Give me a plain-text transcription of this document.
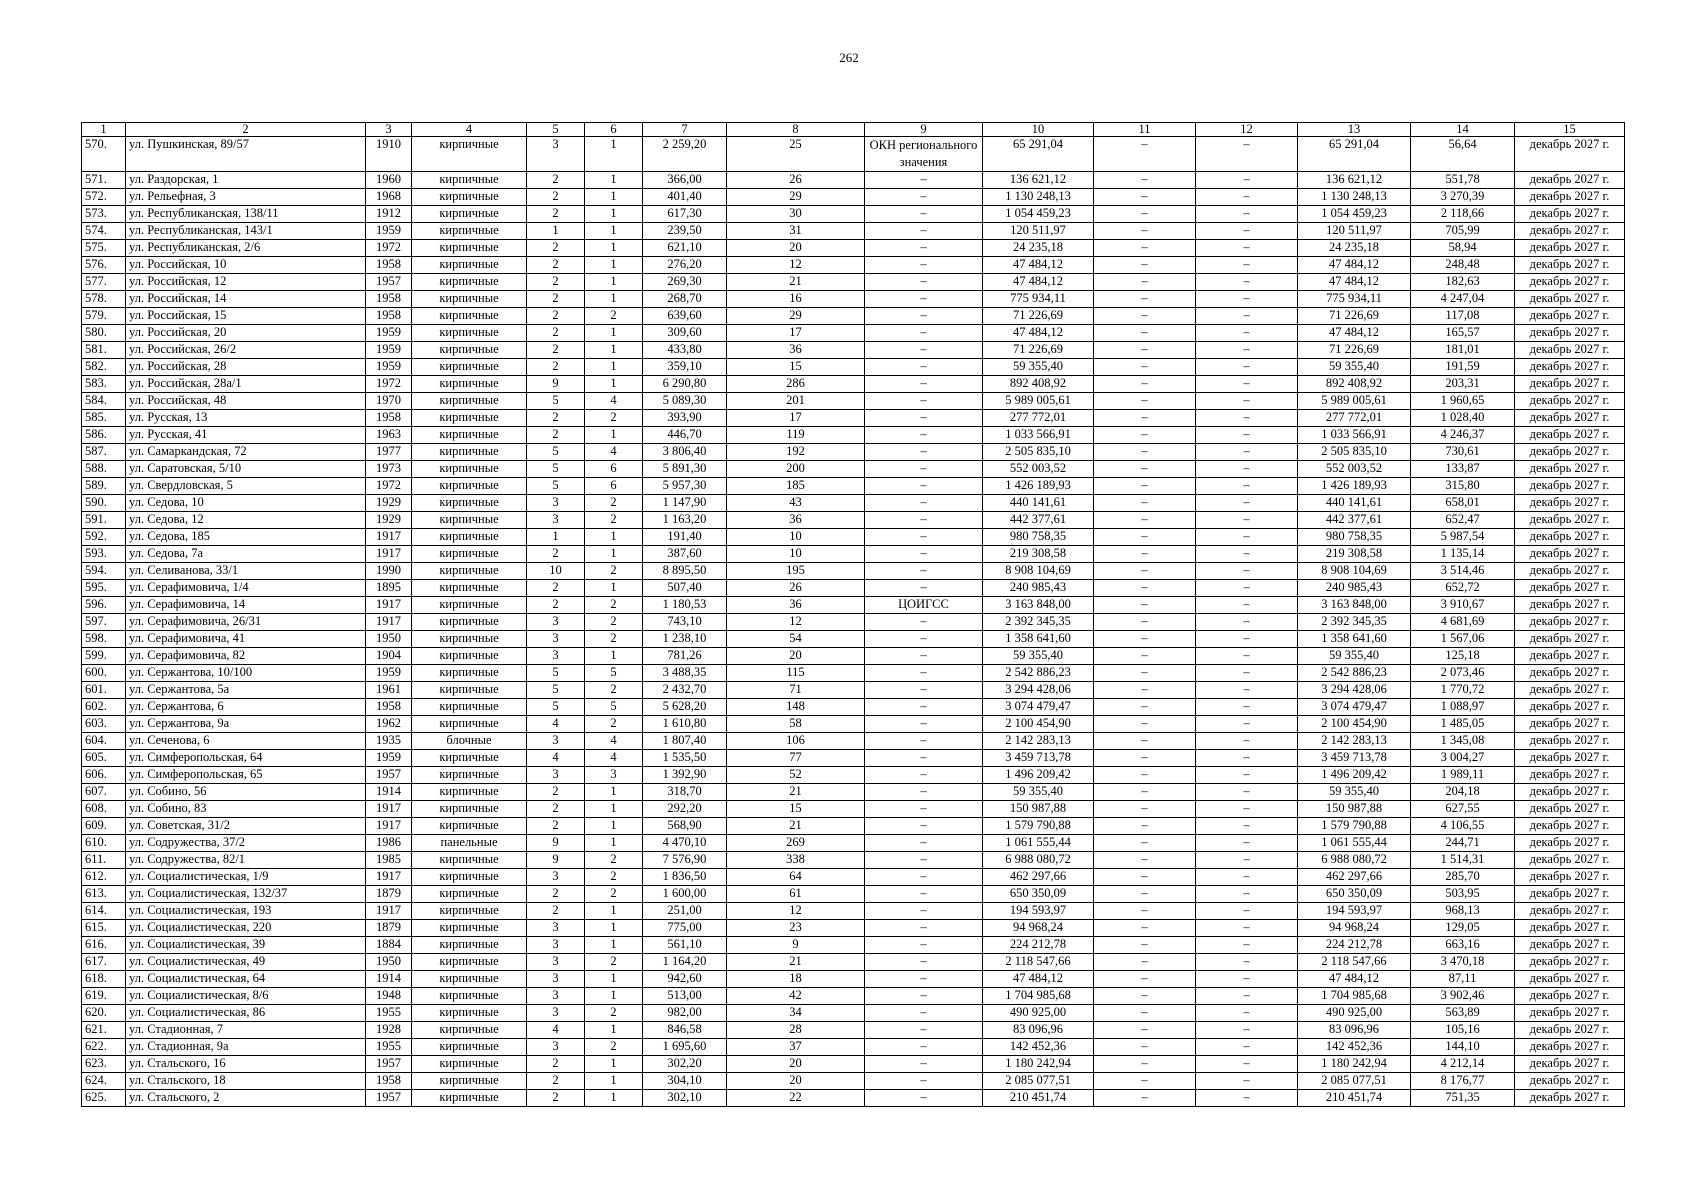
262
1	2	3	4	5	6	7	8	9	10	11	12	13	14	15
570.	ул. Пушкинская, 89/57	1910	кирпичные	3	1	2 259,20	25	ОКН регионального значения	65 291,04	–	–	65 291,04	56,64	декабрь 2027 г.
571.	ул. Раздорская, 1	1960	кирпичные	2	1	366,00	26	–	136 621,12	–	–	136 621,12	551,78	декабрь 2027 г.
572.	ул. Рельефная, 3	1968	кирпичные	2	1	401,40	29	–	1 130 248,13	–	–	1 130 248,13	3 270,39	декабрь 2027 г.
573.	ул. Республиканская, 138/11	1912	кирпичные	2	1	617,30	30	–	1 054 459,23	–	–	1 054 459,23	2 118,66	декабрь 2027 г.
574.	ул. Республиканская, 143/1	1959	кирпичные	1	1	239,50	31	–	120 511,97	–	–	120 511,97	705,99	декабрь 2027 г.
575.	ул. Республиканская, 2/6	1972	кирпичные	2	1	621,10	20	–	24 235,18	–	–	24 235,18	58,94	декабрь 2027 г.
576.	ул. Российская, 10	1958	кирпичные	2	1	276,20	12	–	47 484,12	–	–	47 484,12	248,48	декабрь 2027 г.
577.	ул. Российская, 12	1957	кирпичные	2	1	269,30	21	–	47 484,12	–	–	47 484,12	182,63	декабрь 2027 г.
578.	ул. Российская, 14	1958	кирпичные	2	1	268,70	16	–	775 934,11	–	–	775 934,11	4 247,04	декабрь 2027 г.
579.	ул. Российская, 15	1958	кирпичные	2	2	639,60	29	–	71 226,69	–	–	71 226,69	117,08	декабрь 2027 г.
580.	ул. Российская, 20	1959	кирпичные	2	1	309,60	17	–	47 484,12	–	–	47 484,12	165,57	декабрь 2027 г.
581.	ул. Российская, 26/2	1959	кирпичные	2	1	433,80	36	–	71 226,69	–	–	71 226,69	181,01	декабрь 2027 г.
582.	ул. Российская, 28	1959	кирпичные	2	1	359,10	15	–	59 355,40	–	–	59 355,40	191,59	декабрь 2027 г.
583.	ул. Российская, 28а/1	1972	кирпичные	9	1	6 290,80	286	–	892 408,92	–	–	892 408,92	203,31	декабрь 2027 г.
584.	ул. Российская, 48	1970	кирпичные	5	4	5 089,30	201	–	5 989 005,61	–	–	5 989 005,61	1 960,65	декабрь 2027 г.
585.	ул. Русская, 13	1958	кирпичные	2	2	393,90	17	–	277 772,01	–	–	277 772,01	1 028,40	декабрь 2027 г.
586.	ул. Русская, 41	1963	кирпичные	2	1	446,70	119	–	1 033 566,91	–	–	1 033 566,91	4 246,37	декабрь 2027 г.
587.	ул. Самаркандская, 72	1977	кирпичные	5	4	3 806,40	192	–	2 505 835,10	–	–	2 505 835,10	730,61	декабрь 2027 г.
588.	ул. Саратовская, 5/10	1973	кирпичные	5	6	5 891,30	200	–	552 003,52	–	–	552 003,52	133,87	декабрь 2027 г.
589.	ул. Свердловская, 5	1972	кирпичные	5	6	5 957,30	185	–	1 426 189,93	–	–	1 426 189,93	315,80	декабрь 2027 г.
590.	ул. Седова, 10	1929	кирпичные	3	2	1 147,90	43	–	440 141,61	–	–	440 141,61	658,01	декабрь 2027 г.
591.	ул. Седова, 12	1929	кирпичные	3	2	1 163,20	36	–	442 377,61	–	–	442 377,61	652,47	декабрь 2027 г.
592.	ул. Седова, 185	1917	кирпичные	1	1	191,40	10	–	980 758,35	–	–	980 758,35	5 987,54	декабрь 2027 г.
593.	ул. Седова, 7а	1917	кирпичные	2	1	387,60	10	–	219 308,58	–	–	219 308,58	1 135,14	декабрь 2027 г.
594.	ул. Селиванова, 33/1	1990	кирпичные	10	2	8 895,50	195	–	8 908 104,69	–	–	8 908 104,69	3 514,46	декабрь 2027 г.
595.	ул. Серафимовича, 1/4	1895	кирпичные	2	1	507,40	26	–	240 985,43	–	–	240 985,43	652,72	декабрь 2027 г.
596.	ул. Серафимовича, 14	1917	кирпичные	2	2	1 180,53	36	ЦОИГСС	3 163 848,00	–	–	3 163 848,00	3 910,67	декабрь 2027 г.
597.	ул. Серафимовича, 26/31	1917	кирпичные	3	2	743,10	12	–	2 392 345,35	–	–	2 392 345,35	4 681,69	декабрь 2027 г.
598.	ул. Серафимовича, 41	1950	кирпичные	3	2	1 238,10	54	–	1 358 641,60	–	–	1 358 641,60	1 567,06	декабрь 2027 г.
599.	ул. Серафимовича, 82	1904	кирпичные	3	1	781,26	20	–	59 355,40	–	–	59 355,40	125,18	декабрь 2027 г.
600.	ул. Сержантова, 10/100	1959	кирпичные	5	5	3 488,35	115	–	2 542 886,23	–	–	2 542 886,23	2 073,46	декабрь 2027 г.
601.	ул. Сержантова, 5а	1961	кирпичные	5	2	2 432,70	71	–	3 294 428,06	–	–	3 294 428,06	1 770,72	декабрь 2027 г.
602.	ул. Сержантова, 6	1958	кирпичные	5	5	5 628,20	148	–	3 074 479,47	–	–	3 074 479,47	1 088,97	декабрь 2027 г.
603.	ул. Сержантова, 9а	1962	кирпичные	4	2	1 610,80	58	–	2 100 454,90	–	–	2 100 454,90	1 485,05	декабрь 2027 г.
604.	ул. Сеченова, 6	1935	блочные	3	4	1 807,40	106	–	2 142 283,13	–	–	2 142 283,13	1 345,08	декабрь 2027 г.
605.	ул. Симферопольская, 64	1959	кирпичные	4	4	1 535,50	77	–	3 459 713,78	–	–	3 459 713,78	3 004,27	декабрь 2027 г.
606.	ул. Симферопольская, 65	1957	кирпичные	3	3	1 392,90	52	–	1 496 209,42	–	–	1 496 209,42	1 989,11	декабрь 2027 г.
607.	ул. Собино, 56	1914	кирпичные	2	1	318,70	21	–	59 355,40	–	–	59 355,40	204,18	декабрь 2027 г.
608.	ул. Собино, 83	1917	кирпичные	2	1	292,20	15	–	150 987,88	–	–	150 987,88	627,55	декабрь 2027 г.
609.	ул. Советская, 31/2	1917	кирпичные	2	1	568,90	21	–	1 579 790,88	–	–	1 579 790,88	4 106,55	декабрь 2027 г.
610.	ул. Содружества, 37/2	1986	панельные	9	1	4 470,10	269	–	1 061 555,44	–	–	1 061 555,44	244,71	декабрь 2027 г.
611.	ул. Содружества, 82/1	1985	кирпичные	9	2	7 576,90	338	–	6 988 080,72	–	–	6 988 080,72	1 514,31	декабрь 2027 г.
612.	ул. Социалистическая, 1/9	1917	кирпичные	3	2	1 836,50	64	–	462 297,66	–	–	462 297,66	285,70	декабрь 2027 г.
613.	ул. Социалистическая, 132/37	1879	кирпичные	2	2	1 600,00	61	–	650 350,09	–	–	650 350,09	503,95	декабрь 2027 г.
614.	ул. Социалистическая, 193	1917	кирпичные	2	1	251,00	12	–	194 593,97	–	–	194 593,97	968,13	декабрь 2027 г.
615.	ул. Социалистическая, 220	1879	кирпичные	3	1	775,00	23	–	94 968,24	–	–	94 968,24	129,05	декабрь 2027 г.
616.	ул. Социалистическая, 39	1884	кирпичные	3	1	561,10	9	–	224 212,78	–	–	224 212,78	663,16	декабрь 2027 г.
617.	ул. Социалистическая, 49	1950	кирпичные	3	2	1 164,20	21	–	2 118 547,66	–	–	2 118 547,66	3 470,18	декабрь 2027 г.
618.	ул. Социалистическая, 64	1914	кирпичные	3	1	942,60	18	–	47 484,12	–	–	47 484,12	87,11	декабрь 2027 г.
619.	ул. Социалистическая, 8/6	1948	кирпичные	3	1	513,00	42	–	1 704 985,68	–	–	1 704 985,68	3 902,46	декабрь 2027 г.
620.	ул. Социалистическая, 86	1955	кирпичные	3	2	982,00	34	–	490 925,00	–	–	490 925,00	563,89	декабрь 2027 г.
621.	ул. Стадионная, 7	1928	кирпичные	4	1	846,58	28	–	83 096,96	–	–	83 096,96	105,16	декабрь 2027 г.
622.	ул. Стадионная, 9а	1955	кирпичные	3	2	1 695,60	37	–	142 452,36	–	–	142 452,36	144,10	декабрь 2027 г.
623.	ул. Стальского, 16	1957	кирпичные	2	1	302,20	20	–	1 180 242,94	–	–	1 180 242,94	4 212,14	декабрь 2027 г.
624.	ул. Стальского, 18	1958	кирпичные	2	1	304,10	20	–	2 085 077,51	–	–	2 085 077,51	8 176,77	декабрь 2027 г.
625.	ул. Стальского, 2	1957	кирпичные	2	1	302,10	22	–	210 451,74	–	–	210 451,74	751,35	декабрь 2027 г.
